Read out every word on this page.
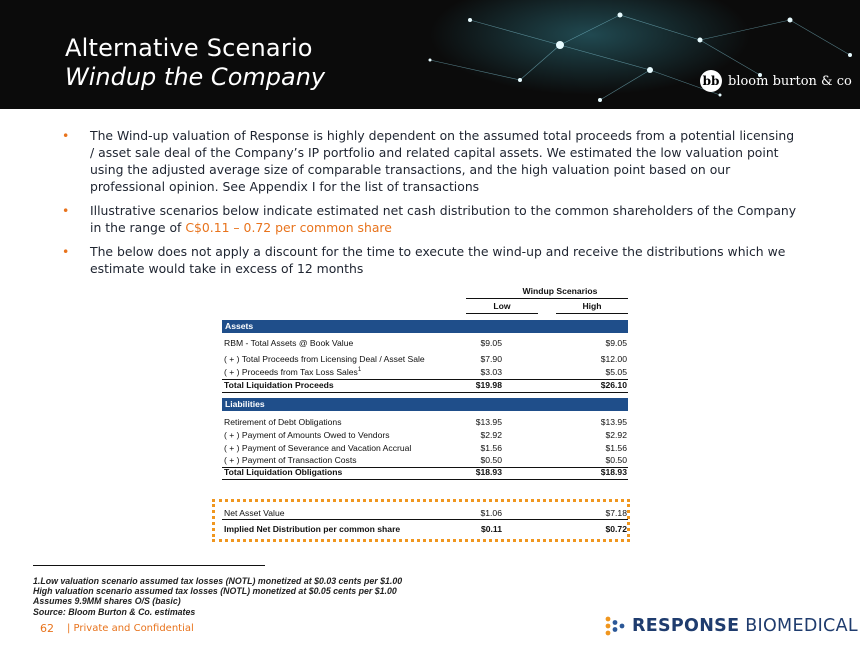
Alternative Scenario
Windup the Company	bb bloom burton & co
• The Wind-up valuation of Response is highly dependent on the assumed total proceeds from a potential licensing / asset sale deal of the Company’s IP portfolio and related capital assets. We estimated the low valuation point using the adjusted average size of comparable transactions, and the high valuation point based on our professional opinion. See Appendix I for the list of transactions
• Illustrative scenarios below indicate estimated net cash distribution to the common shareholders of the Company in the range of C$0.11 – 0.72 per common share
• The below does not apply a discount for the time to execute the wind-up and receive the distributions which we estimate would take in excess of 12 months
Windup Scenarios
Low	High
Assets
RBM - Total Assets @ Book Value	$9.05	$9.05
( + ) Total Proceeds from Licensing Deal / Asset Sale	$7.90	$12.00
( + ) Proceeds from Tax Loss Sales$^1$	$3.03	$5.05
Total Liquidation Proceeds	$19.98	$26.10
Liabilities
Retirement of Debt Obligations	$13.95	$13.95
( + ) Payment of Amounts Owed to Vendors	$2.92	$2.92
( + ) Payment of Severance and Vacation Accrual	$1.56	$1.56
( + ) Payment of Transaction Costs	$0.50	$0.50
Total Liquidation Obligations	$18.93	$18.93
Net Asset Value	$1.06	$7.18
Implied Net Distribution per common share	$0.11	$0.72
1.Low valuation scenario assumed tax losses (NOTL) monetized at $0.03 cents per $1.00
High valuation scenario assumed tax losses (NOTL) monetized at $0.05 cents per $1.00
Assumes 9.9MM shares O/S (basic)
Source: Bloom Burton & Co. estimates
62 | Private and Confidential	RESPONSE BIOMEDICAL
